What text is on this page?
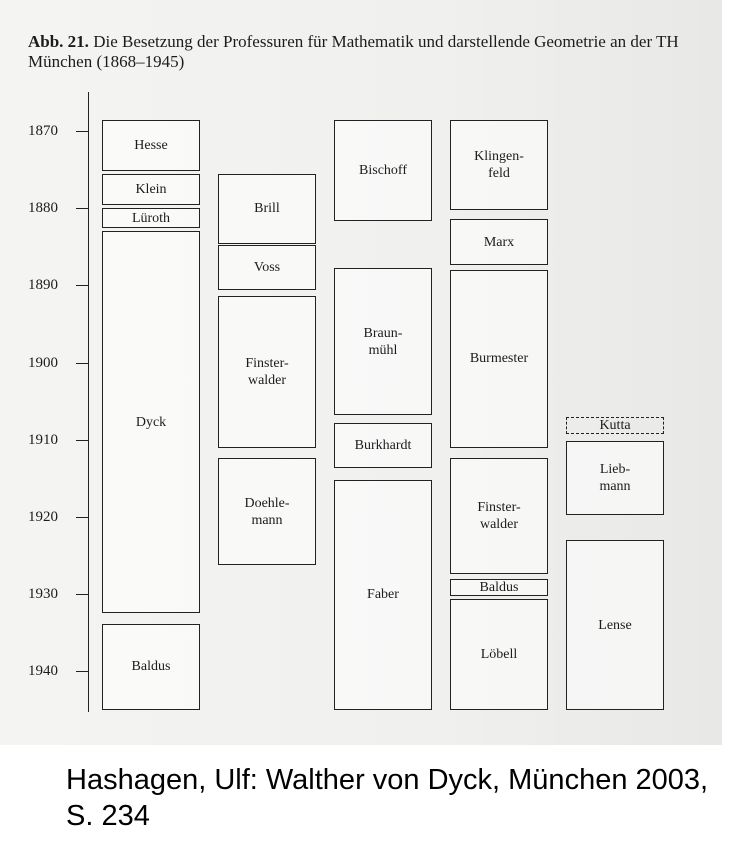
Abb. 21. Die Besetzung der Professuren für Mathematik und darstellende Geometrie an der TH München (1868–1945)
1870
1880
1890
1900
1910
1920
1930
1940
Hesse
Klein
Lüroth
Dyck
Baldus
Brill
Voss
Finster-
walder
Doehle-
mann
Bischoff
Braun-
mühl
Burkhardt
Faber
Klingen-
feld
Marx
Burmester
Finster-
walder
Baldus
Löbell
Kutta
Lieb-
mann
Lense
Hashagen, Ulf: Walther von Dyck, München 2003, S. 234
